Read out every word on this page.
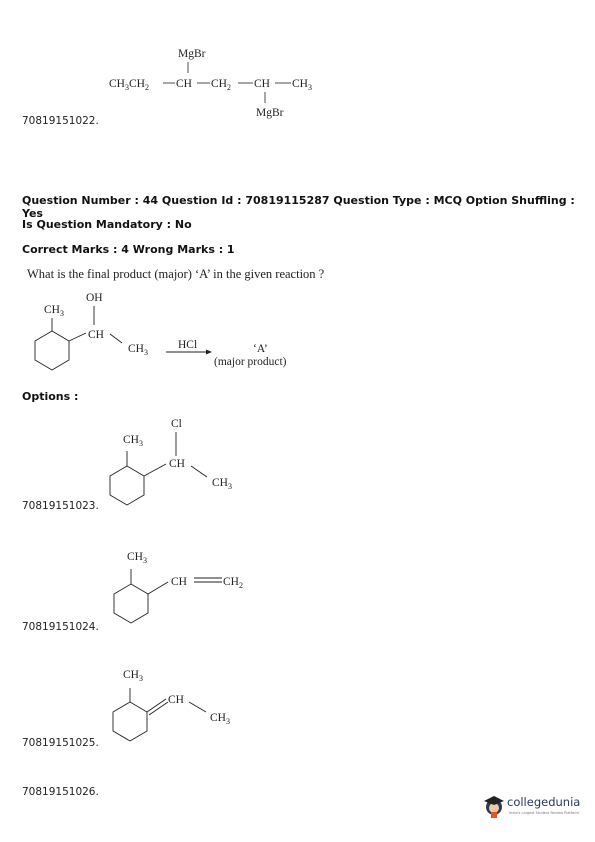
MgBr
$CH_3CH_2$ CH $CH_2$ CH $CH_3$
MgBr
70819151022.
Question Number : 44 Question Id : 70819115287 Question Type : MCQ Option Shuffling : Yes
Is Question Mandatory : No
Correct Marks : 4 Wrong Marks : 1
What is the final product (major) ‘A’ in the given reaction ?
OH
$CH_3$
CH
$CH_3$
HCl	‘A’
(major product)
Options :
Cl
$CH_3$
CH
$CH_3$
70819151023.
$CH_3$
CH	$CH_2$
70819151024.
$CH_3$
CH
$CH_3$
70819151025.
70819151026.
collegedunia
India's Largest Student Review Platform
